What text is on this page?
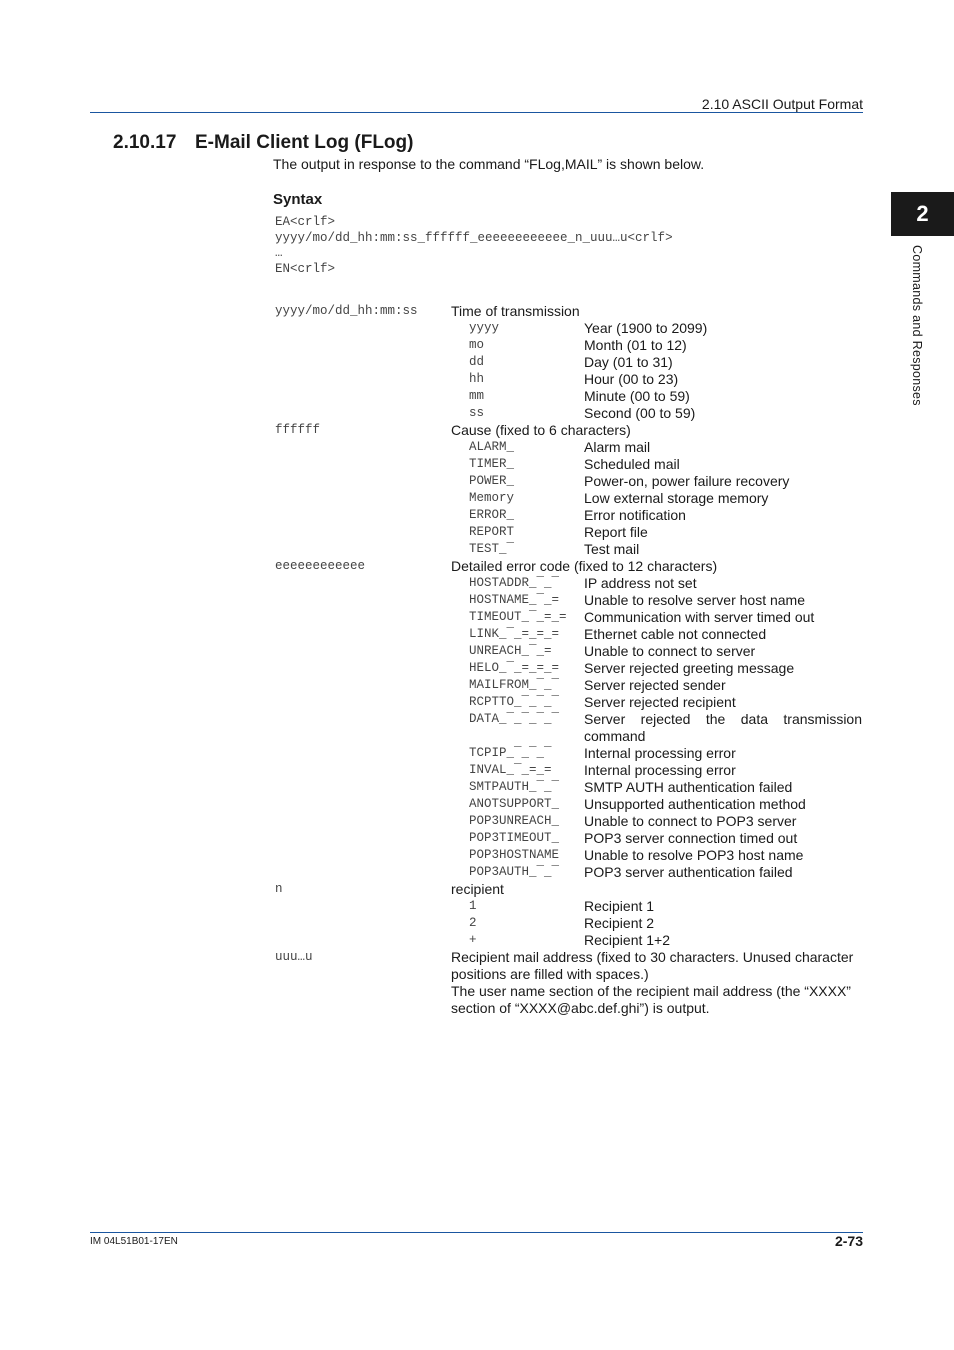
2.10 ASCII Output Format
2.10.17 E-Mail Client Log (FLog)
The output in response to the command “FLog,MAIL” is shown below.
Syntax
EA<crlf>
yyyy/mo/dd_hh:mm:ss_ffffff_eeeeeeeeeeee_n_uuu…u<crlf>
…
EN<crlf>
yyyy/mo/dd_hh:mm:ss Time of transmission
yyyy	Year (1900 to 2099)
mo	Month (01 to 12)
dd	Day (01 to 31)
hh	Hour (00 to 23)
mm	Minute (00 to 59)
ss	Second (00 to 59)
ffffff	Cause (fixed to 6 characters)
ALARM_	Alarm mail
TIMER_	Scheduled mail
POWER_	Power-on, power failure recovery
Memory	Low external storage memory
ERROR_	Error notification
REPORT	Report file
TEST_‾	Test mail
eeeeeeeeeeee	Detailed error code (fixed to 12 characters)
HOSTADDR_‾_‾	IP address not set
HOSTNAME_‾_=	Unable to resolve server host name
TIMEOUT_‾_=_=	Communication with server timed out
LINK_‾_=_=_=	Ethernet cable not connected
UNREACH_‾_=	Unable to connect to server
HELO_‾_=_=_=	Server rejected greeting message
MAILFROM_‾_‾	Server rejected sender
RCPTTO_‾_‾_‾	Server rejected recipient
DATA_‾_‾_‾_‾	Server rejected the data transmission command
TCPIP_‾_‾_‾	Internal processing error
INVAL_‾_=_=	Internal processing error
SMTPAUTH_‾_‾	SMTP AUTH authentication failed
ANOTSUPPORT_	Unsupported authentication method
POP3UNREACH_	Unable to connect to POP3 server
POP3TIMEOUT_	POP3 server connection timed out
POP3HOSTNAME	Unable to resolve POP3 host name
POP3AUTH_‾_‾	POP3 server authentication failed
n	recipient
1	Recipient 1
2	Recipient 2
+	Recipient 1+2
uuu…u	Recipient mail address (fixed to 30 characters. Unused character positions are filled with spaces.)
The user name section of the recipient mail address (the “XXXX” section of “XXXX@abc.def.ghi”) is output.
2
Commands and Responses
IM 04L51B01-17EN	2-73
